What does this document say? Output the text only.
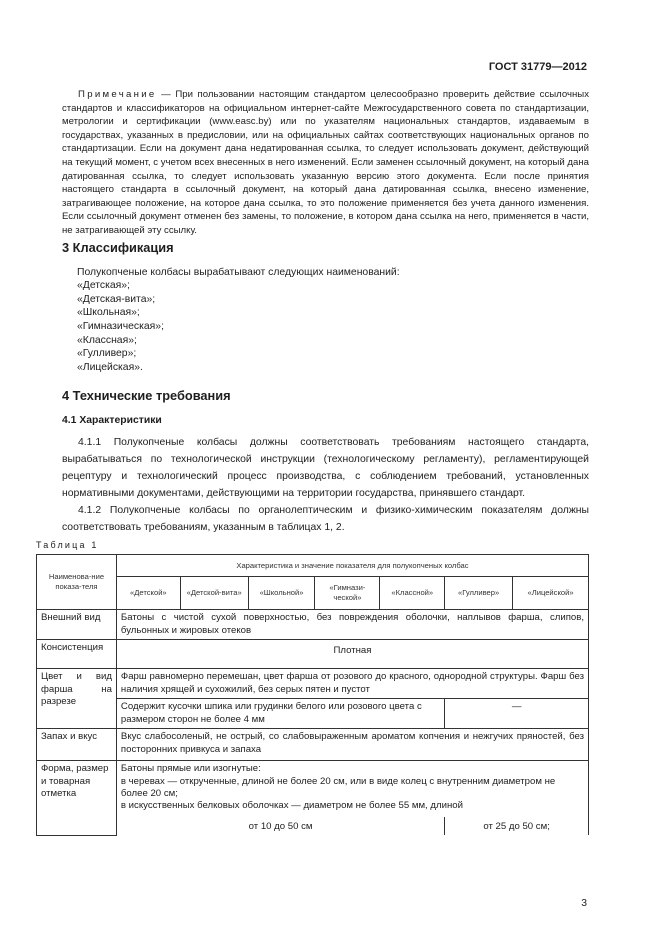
ГОСТ 31779—2012
Примечание — При пользовании настоящим стандартом целесообразно проверить действие ссылочных стандартов и классификаторов на официальном интернет-сайте Межгосударственного совета по стандартизации, метрологии и сертификации (www.easc.by) или по указателям национальных стандартов, издаваемым в государствах, указанных в предисловии, или на официальных сайтах соответствующих национальных органов по стандартизации. Если на документ дана недатированная ссылка, то следует использовать документ, действующий на текущий момент, с учетом всех внесенных в него изменений. Если заменен ссылочный документ, на который дана датированная ссылка, то следует использовать указанную версию этого документа. Если после принятия настоящего стандарта в ссылочный документ, на который дана датированная ссылка, внесено изменение, затрагивающее положение, на которое дана ссылка, то это положение применяется без учета данного изменения. Если ссылочный документ отменен без замены, то положение, в котором дана ссылка на него, применяется в части, не затрагивающей эту ссылку.
3 Классификация
Полукопченые колбасы вырабатывают следующих наименований:
«Детская»;
«Детская-вита»;
«Школьная»;
«Гимназическая»;
«Классная»;
«Гулливер»;
«Лицейская».
4 Технические требования
4.1 Характеристики
4.1.1 Полукопченые колбасы должны соответствовать требованиям настоящего стандарта, вырабатываться по технологической инструкции (технологическому регламенту), регламентирующей рецептуру и технологический процесс производства, с соблюдением требований, установленных нормативными документами, действующими на территории государства, принявшего стандарт.
4.1.2 Полукопченые колбасы по органолептическим и физико-химическим показателям должны соответствовать требованиям, указанным в таблицах 1, 2.
Таблица 1
Наименова-ние показа-теля	Характеристика и значение показателя для полукопченых колбас						
	«Детской»	«Детской-вита»	«Школьной»	«Гимнази-ческой»	«Классной»	«Гулливер»	«Лицейской»
Внешний вид	Батоны с чистой сухой поверхностью, без повреждения оболочки, наплывов фарша, слипов, бульонных и жировых отеков						
Консистенция	Плотная						
Цвет и вид фарша на разрезе	Фарш равномерно перемешан, цвет фарша от розового до красного, однородной структуры. Фарш без наличия хрящей и сухожилий, без серых пятен и пустот						
	Содержит кусочки шпика или грудинки белого или розового цвета с размером сторон не более 4 мм					—	
Запах и вкус	Вкус слабосоленый, не острый, со слабовыраженным ароматом копчения и нежгучих пряностей, без посторонних привкуса и запаха						
Форма, размер и товарная отметка	Батоны прямые или изогнутые:
в черевах — открученные, длиной не более 20 см, или в виде колец с внутренним диаметром не более 20 см;
в искусственных белковых оболочках — диаметром не более 55 мм, длиной						

	от 10 до 50 см					от 25 до 50 см;	
3
